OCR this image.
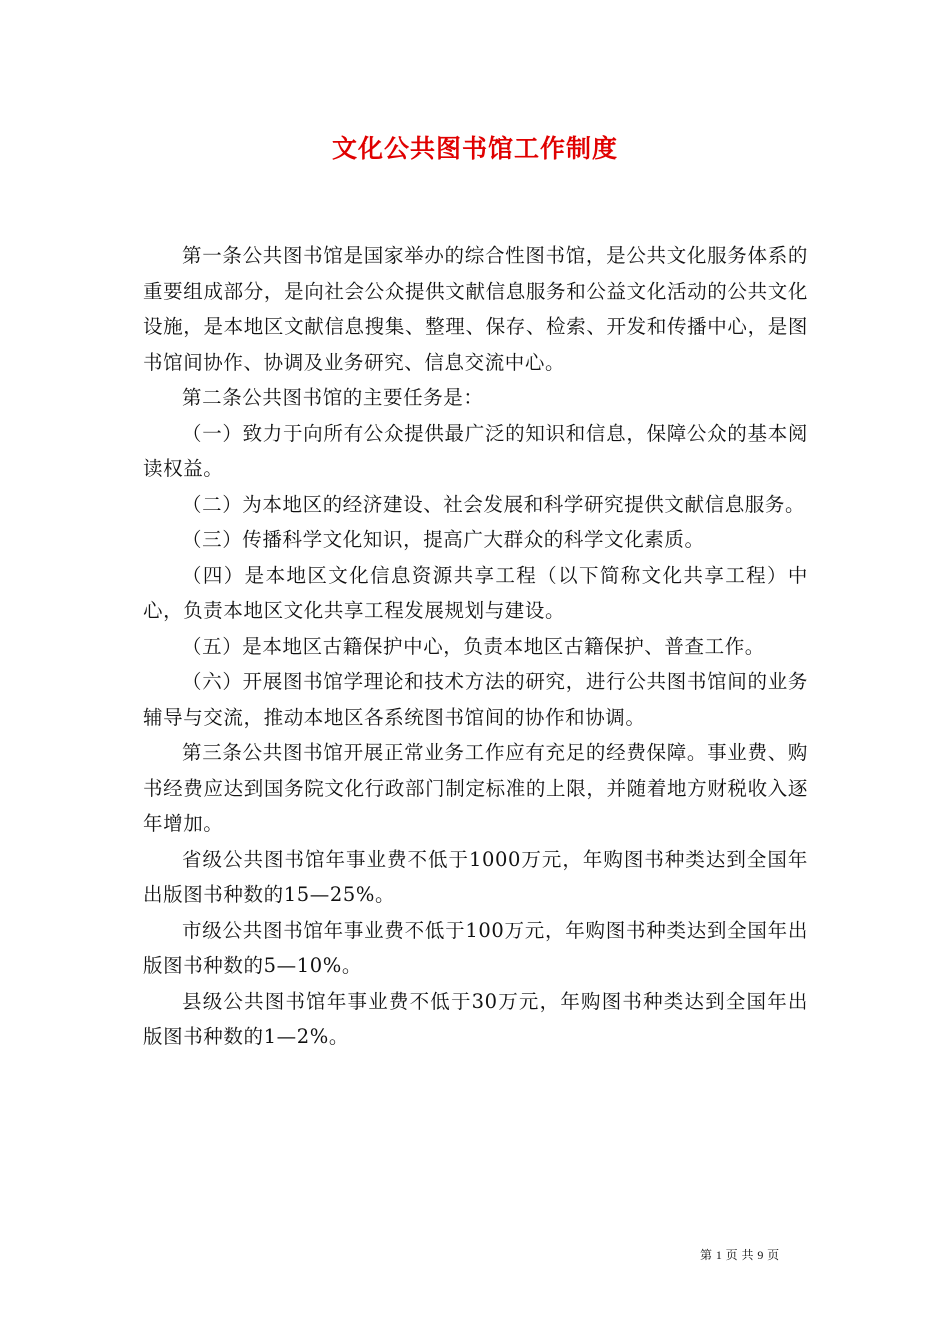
文化公共图书馆工作制度

第一条公共图书馆是国家举办的综合性图书馆，是公共文化服务体系的重要组成部分，是向社会公众提供文献信息服务和公益文化活动的公共文化设施，是本地区文献信息搜集、整理、保存、检索、开发和传播中心，是图书馆间协作、协调及业务研究、信息交流中心。

第二条公共图书馆的主要任务是：

（一）致力于向所有公众提供最广泛的知识和信息，保障公众的基本阅读权益。

（二）为本地区的经济建设、社会发展和科学研究提供文献信息服务。

（三）传播科学文化知识，提高广大群众的科学文化素质。

（四）是本地区文化信息资源共享工程（以下简称文化共享工程）中心，负责本地区文化共享工程发展规划与建设。

（五）是本地区古籍保护中心，负责本地区古籍保护、普查工作。

（六）开展图书馆学理论和技术方法的研究，进行公共图书馆间的业务辅导与交流，推动本地区各系统图书馆间的协作和协调。

第三条公共图书馆开展正常业务工作应有充足的经费保障。事业费、购书经费应达到国务院文化行政部门制定标准的上限，并随着地方财税收入逐年增加。

省级公共图书馆年事业费不低于1000万元，年购图书种类达到全国年出版图书种数的15—25%。

市级公共图书馆年事业费不低于100万元，年购图书种类达到全国年出版图书种数的5—10%。

县级公共图书馆年事业费不低于30万元，年购图书种类达到全国年出版图书种数的1—2%。

第 1 页 共 9 页
